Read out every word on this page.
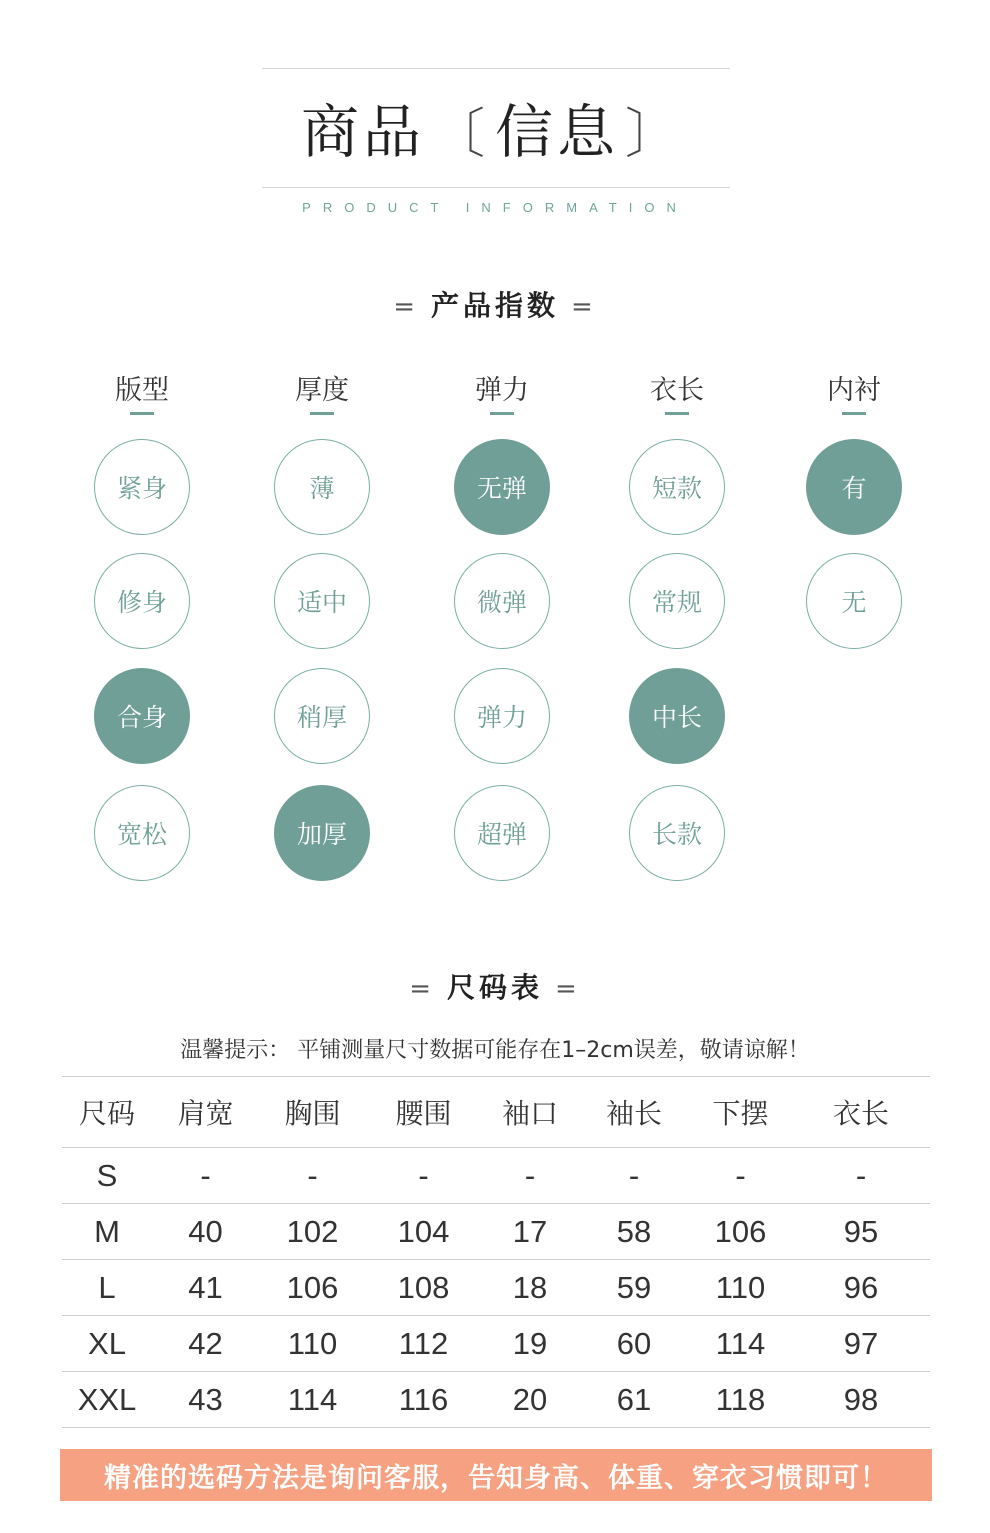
商品 〔 信息 〕
PRODUCT INFORMATION
= 产品指数 =
版型
紧身
修身
合身
宽松
厚度
薄
适中
稍厚
加厚
弹力
无弹
微弹
弹力
超弹
衣长
短款
常规
中长
长款
内衬
有
无
= 尺码表 =
温馨提示： 平铺测量尺寸数据可能存在1–2cm误差，敬请谅解！
尺码	肩宽	胸围	腰围	袖口	袖长	下摆	衣长
S	-	-	-	-	-	-	-
M	40	102	104	17	58	106	95
L	41	106	108	18	59	110	96
XL	42	110	112	19	60	114	97
XXL	43	114	116	20	61	118	98
精准的选码方法是询问客服，告知身高、体重、穿衣习惯即可！
